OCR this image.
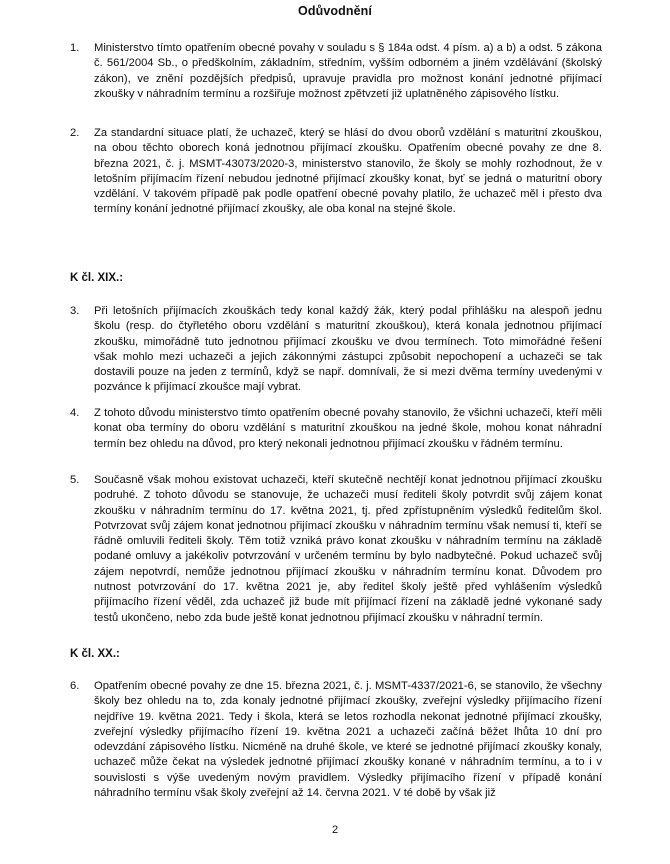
Odůvodnění
1. Ministerstvo tímto opatřením obecné povahy v souladu s § 184a odst. 4 písm. a) a b) a odst. 5 zákona č. 561/2004 Sb., o předškolním, základním, středním, vyšším odborném a jiném vzdělávání (školský zákon), ve znění pozdějších předpisů, upravuje pravidla pro možnost konání jednotné přijímací zkoušky v náhradním termínu a rozšiřuje možnost zpětvzetí již uplatněného zápisového lístku.
2. Za standardní situace platí, že uchazeč, který se hlásí do dvou oborů vzdělání s maturitní zkouškou, na obou těchto oborech koná jednotnou přijímací zkoušku. Opatřením obecné povahy ze dne 8. března 2021, č. j. MSMT-43073/2020-3, ministerstvo stanovilo, že školy se mohly rozhodnout, že v letošním přijímacím řízení nebudou jednotné přijímací zkoušky konat, byť se jedná o maturitní obory vzdělání. V takovém případě pak podle opatření obecné povahy platilo, že uchazeč měl i přesto dva termíny konání jednotné přijímací zkoušky, ale oba konal na stejné škole.
K čl. XIX.:
3. Při letošních přijímacích zkouškách tedy konal každý žák, který podal přihlášku na alespoň jednu školu (resp. do čtyřletého oboru vzdělání s maturitní zkouškou), která konala jednotnou přijímací zkoušku, mimořádně tuto jednotnou přijímací zkoušku ve dvou termínech. Toto mimořádné řešení však mohlo mezi uchazeči a jejich zákonnými zástupci způsobit nepochopení a uchazeči se tak dostavili pouze na jeden z termínů, když se např. domnívali, že si mezi dvěma termíny uvedenými v pozvánce k přijímací zkoušce mají vybrat.
4. Z tohoto důvodu ministerstvo tímto opatřením obecné povahy stanovilo, že všichni uchazeči, kteří měli konat oba termíny do oboru vzdělání s maturitní zkouškou na jedné škole, mohou konat náhradní termín bez ohledu na důvod, pro který nekonali jednotnou přijímací zkoušku v řádném termínu.
5. Současně však mohou existovat uchazeči, kteří skutečně nechtějí konat jednotnou přijímací zkoušku podruhé. Z tohoto důvodu se stanovuje, že uchazeči musí řediteli školy potvrdit svůj zájem konat zkoušku v náhradním termínu do 17. května 2021, tj. před zpřístupněním výsledků ředitelům škol. Potvrzovat svůj zájem konat jednotnou přijímací zkoušku v náhradním termínu však nemusí ti, kteří se řádně omluvili řediteli školy. Těm totiž vzniká právo konat zkoušku v náhradním termínu na základě podané omluvy a jakékoliv potvrzování v určeném termínu by bylo nadbytečné. Pokud uchazeč svůj zájem nepotvrdí, nemůže jednotnou přijímací zkoušku v náhradním termínu konat. Důvodem pro nutnost potvrzování do 17. května 2021 je, aby ředitel školy ještě před vyhlášením výsledků přijímacího řízení věděl, zda uchazeč již bude mít přijímací řízení na základě jedné vykonané sady testů ukončeno, nebo zda bude ještě konat jednotnou přijímací zkoušku v náhradní termín.
K čl. XX.:
6. Opatřením obecné povahy ze dne 15. března 2021, č. j. MSMT-4337/2021-6, se stanovilo, že všechny školy bez ohledu na to, zda konaly jednotné přijímací zkoušky, zveřejní výsledky přijímacího řízení nejdříve 19. května 2021. Tedy i škola, která se letos rozhodla nekonat jednotné přijímací zkoušky, zveřejní výsledky přijímacího řízení 19. května 2021 a uchazeči začíná běžet lhůta 10 dní pro odevzdání zápisového lístku. Nicméně na druhé škole, ve které se jednotné přijímací zkoušky konaly, uchazeč může čekat na výsledek jednotné přijímací zkoušky konané v náhradním termínu, a to i v souvislosti s výše uvedeným novým pravidlem. Výsledky přijímacího řízení v případě konání náhradního termínu však školy zveřejní až 14. června 2021. V té době by však již
2
